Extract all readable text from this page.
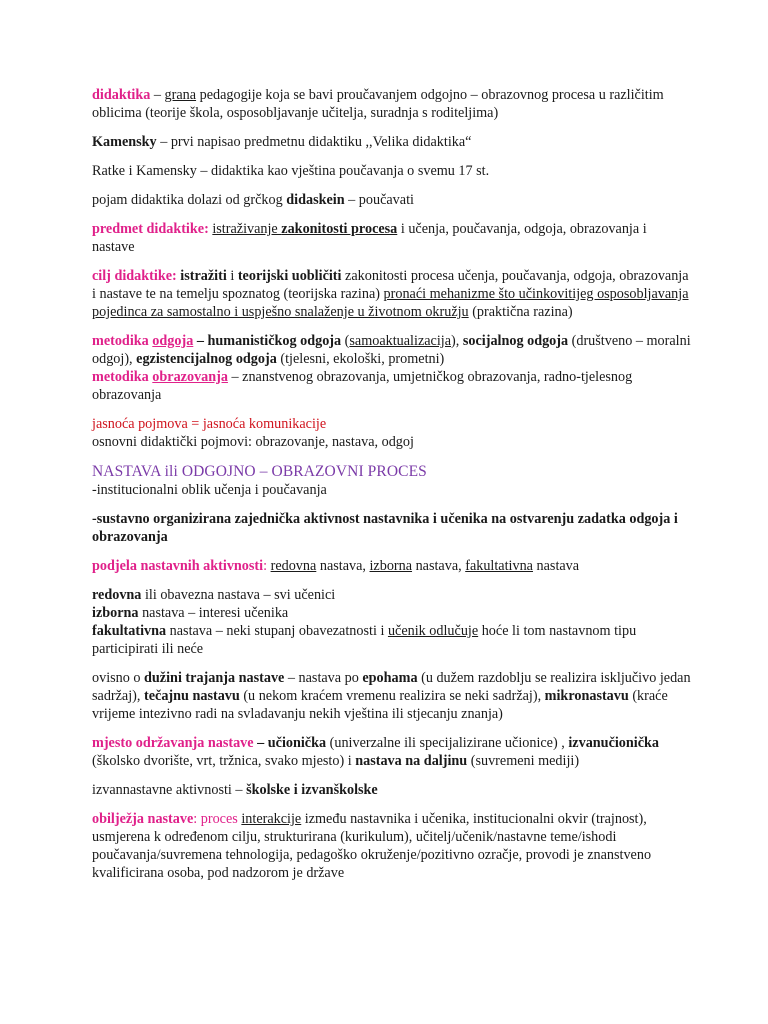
didaktika – grana pedagogije koja se bavi proučavanjem odgojno – obrazovnog procesa u različitim oblicima (teorije škola, osposobljavanje učitelja, suradnja s roditeljima)

Kamensky – prvi napisao predmetnu didaktiku ,,Velika didaktika“

Ratke i Kamensky – didaktika kao vještina poučavanja o svemu 17 st.

pojam didaktika dolazi od grčkog didaskein – poučavati

predmet didaktike: istraživanje zakonitosti procesa i učenja, poučavanja, odgoja, obrazovanja i nastave

cilj didaktike: istražiti i teorijski uobličiti zakonitosti procesa učenja, poučavanja, odgoja, obrazovanja i nastave te na temelju spoznatog (teorijska razina) pronaći mehanizme što učinkovitijeg osposobljavanja pojedinca za samostalno i uspješno snalaženje u životnom okružju (praktična razina)

metodika odgoja – humanističkog odgoja (samoaktualizacija), socijalnog odgoja (društveno – moralni odgoj), egzistencijalnog odgoja (tjelesni, ekološki, prometni)
metodika obrazovanja – znanstvenog obrazovanja, umjetničkog obrazovanja, radno-tjelesnog obrazovanja

jasnoća pojmova = jasnoća komunikacije
osnovni didaktički pojmovi: obrazovanje, nastava, odgoj

NASTAVA ili ODGOJNO – OBRAZOVNI PROCES
-institucionalni oblik učenja i poučavanja

-sustavno organizirana zajednička aktivnost nastavnika i učenika na ostvarenju zadatka odgoja i obrazovanja

podjela nastavnih aktivnosti: redovna nastava, izborna nastava, fakultativna nastava

redovna ili obavezna nastava – svi učenici
izborna nastava – interesi učenika
fakultativna nastava – neki stupanj obavezatnosti i učenik odlučuje hoće li tom nastavnom tipu participirati ili neće

ovisno o dužini trajanja nastave – nastava po epohama (u dužem razdoblju se realizira isključivo jedan sadržaj), tečajnu nastavu (u nekom kraćem vremenu realizira se neki sadržaj), mikronastavu (kraće vrijeme intezivno radi na svladavanju nekih vještina ili stjecanju znanja)

mjesto održavanja nastave – učionička (univerzalne ili specijalizirane učionice) , izvanučionička (školsko dvorište, vrt, tržnica, svako mjesto) i nastava na daljinu (suvremeni mediji)

izvannastavne aktivnosti – školske i izvanškolske

obilježja nastave: proces interakcije između nastavnika i učenika, institucionalni okvir (trajnost), usmjerena k određenom cilju, strukturirana (kurikulum), učitelj/učenik/nastavne teme/ishodi poučavanja/suvremena tehnologija, pedagoško okruženje/pozitivno ozračje, provodi je znanstveno kvalificirana osoba, pod nadzorom je države
